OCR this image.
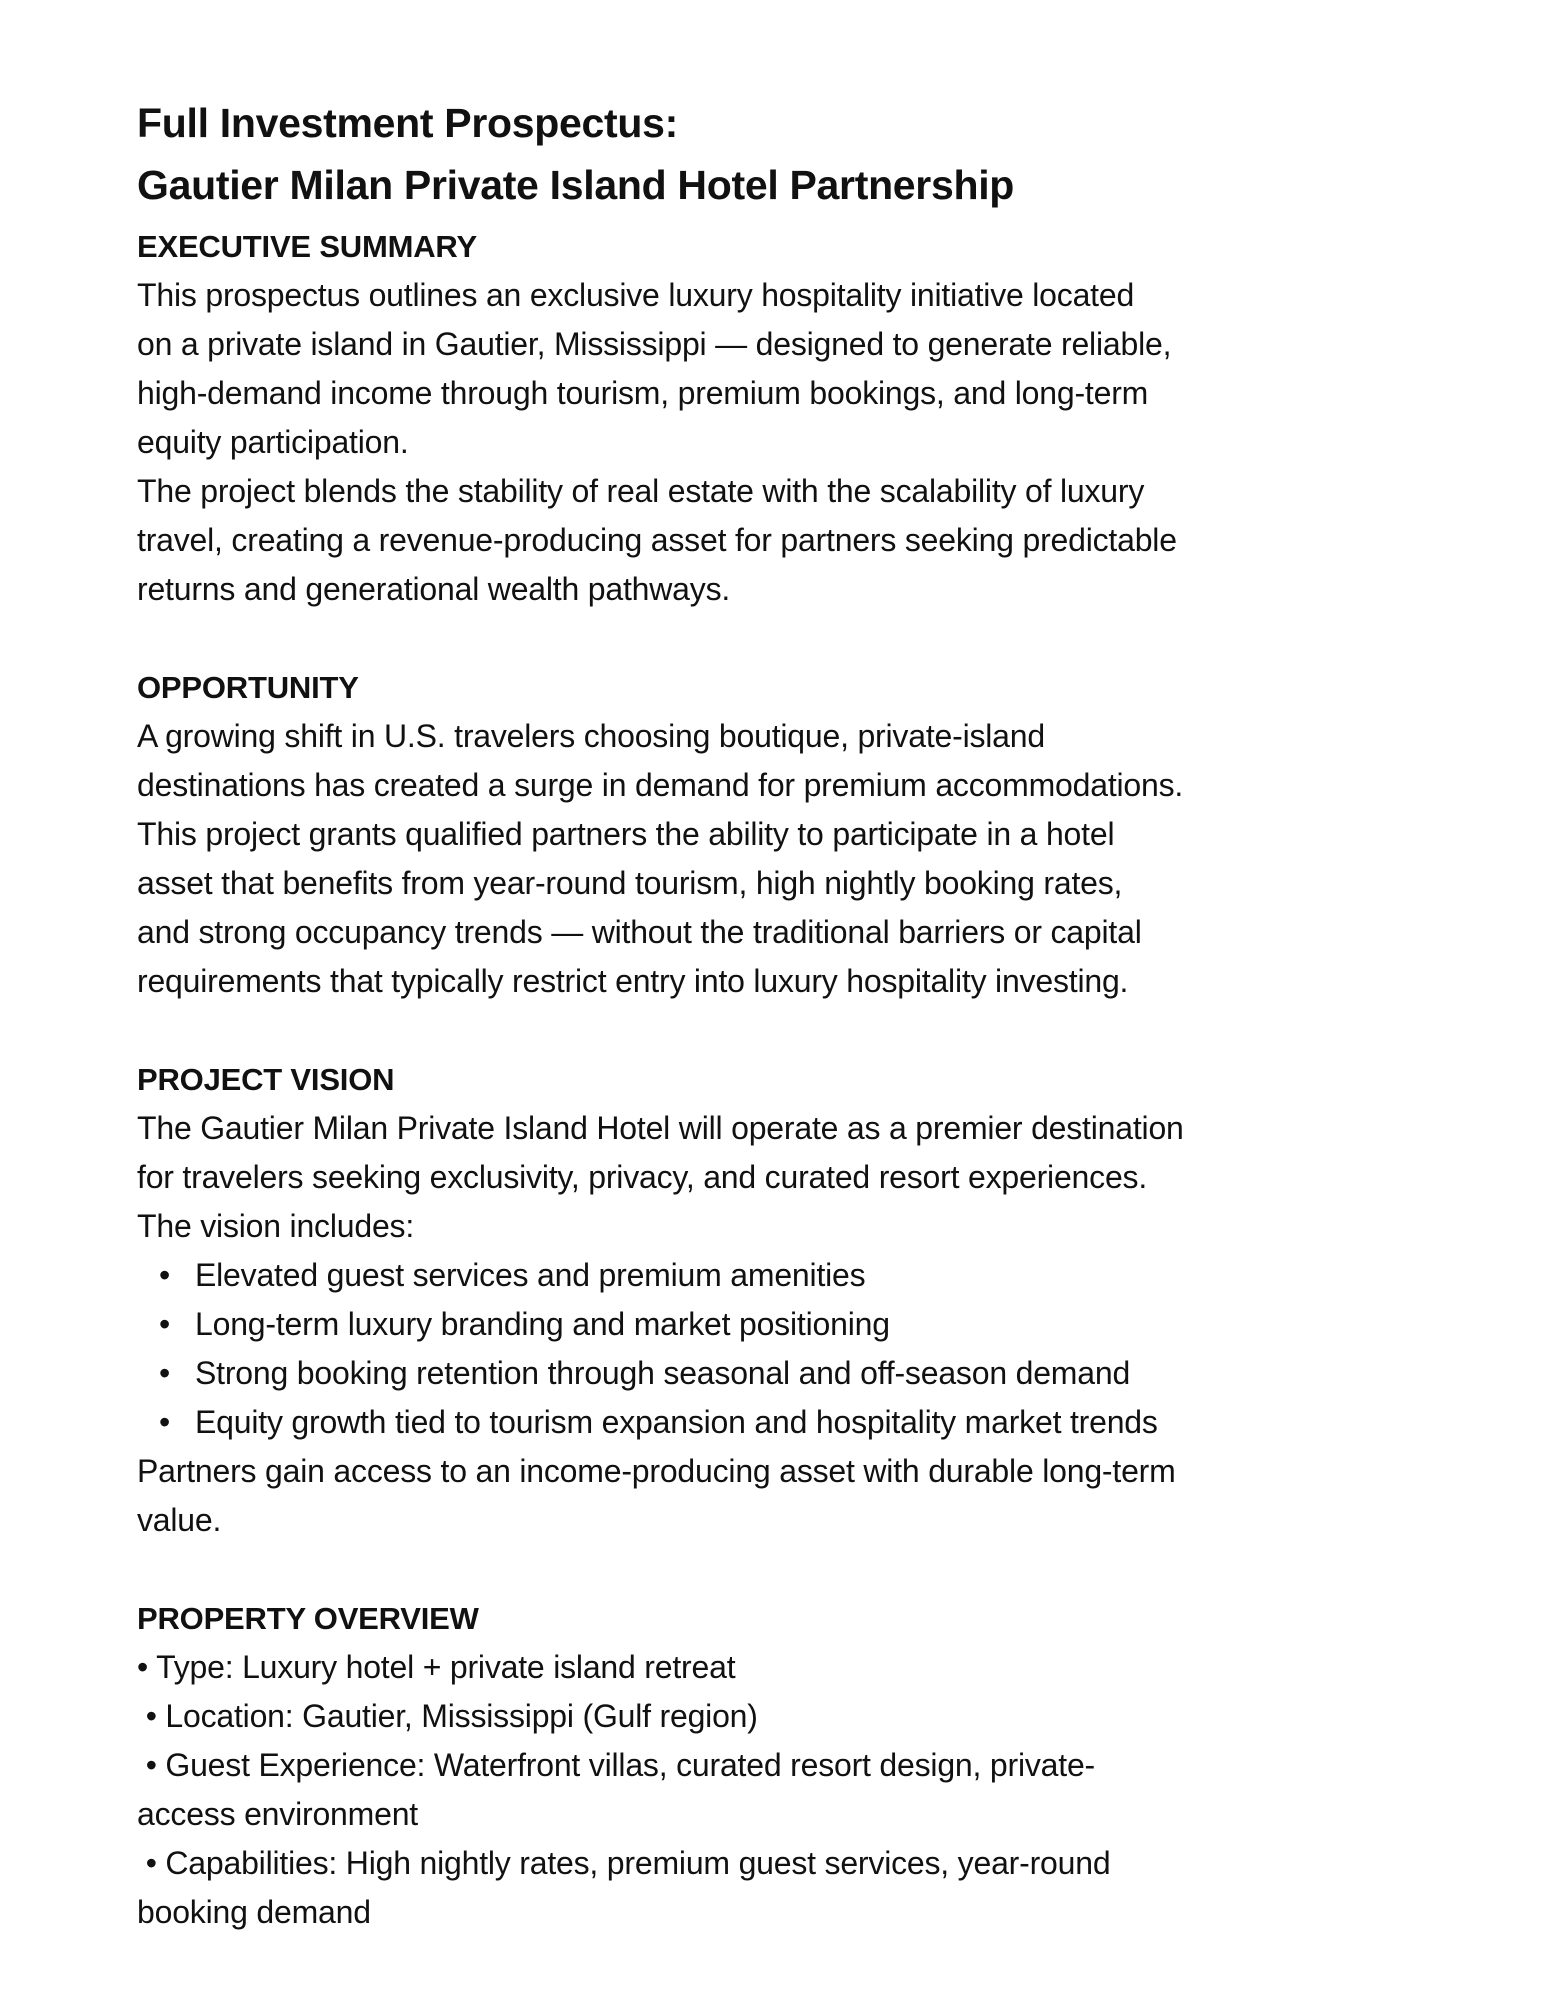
Full Investment Prospectus:
Gautier Milan Private Island Hotel Partnership
EXECUTIVE SUMMARY
This prospectus outlines an exclusive luxury hospitality initiative located
on a private island in Gautier, Mississippi — designed to generate reliable,
high-demand income through tourism, premium bookings, and long-term
equity participation.
The project blends the stability of real estate with the scalability of luxury
travel, creating a revenue-producing asset for partners seeking predictable
returns and generational wealth pathways.
OPPORTUNITY
A growing shift in U.S. travelers choosing boutique, private-island
destinations has created a surge in demand for premium accommodations.
This project grants qualified partners the ability to participate in a hotel
asset that benefits from year-round tourism, high nightly booking rates,
and strong occupancy trends — without the traditional barriers or capital
requirements that typically restrict entry into luxury hospitality investing.
PROJECT VISION
The Gautier Milan Private Island Hotel will operate as a premier destination
for travelers seeking exclusivity, privacy, and curated resort experiences.
The vision includes:
• Elevated guest services and premium amenities
• Long-term luxury branding and market positioning
• Strong booking retention through seasonal and off-season demand
• Equity growth tied to tourism expansion and hospitality market trends
Partners gain access to an income-producing asset with durable long-term
value.
PROPERTY OVERVIEW
• Type: Luxury hotel + private island retreat
• Location: Gautier, Mississippi (Gulf region)
• Guest Experience: Waterfront villas, curated resort design, private-
access environment
• Capabilities: High nightly rates, premium guest services, year-round
booking demand
